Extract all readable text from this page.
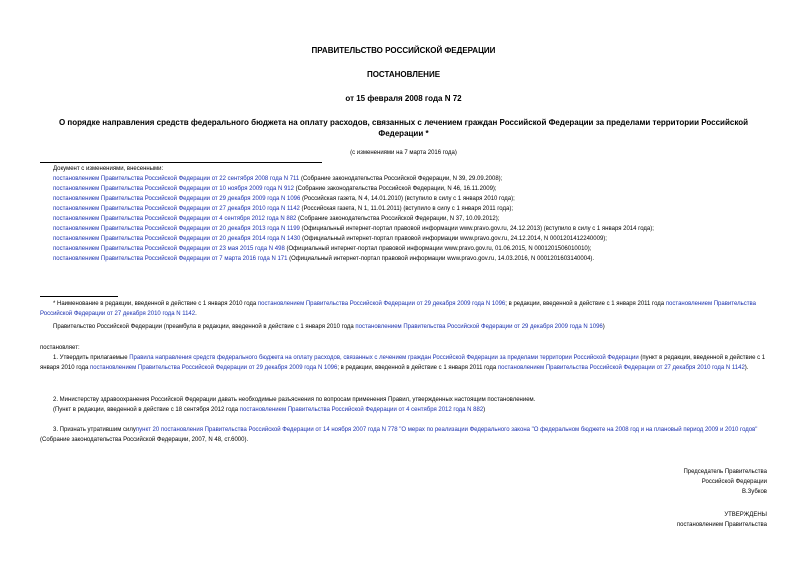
ПРАВИТЕЛЬСТВО РОССИЙСКОЙ ФЕДЕРАЦИИ
ПОСТАНОВЛЕНИЕ
от 15 февраля 2008 года N 72
О порядке направления средств федерального бюджета на оплату расходов, связанных с лечением граждан Российской Федерации за пределами территории Российской Федерации *
(с изменениями на 7 марта 2016 года)
Документ с изменениями, внесенными:
постановлением Правительства Российской Федерации от 22 сентября 2008 года N 711 (Собрание законодательства Российской Федерации, N 39, 29.09.2008);
постановлением Правительства Российской Федерации от 10 ноября 2009 года N 912 (Собрание законодательства Российской Федерации, N 46, 16.11.2009);
постановлением Правительства Российской Федерации от 29 декабря 2009 года N 1096 (Российская газета, N 4, 14.01.2010) (вступило в силу с 1 января 2010 года);
постановлением Правительства Российской Федерации от 27 декабря 2010 года N 1142 (Российская газета, N 1, 11.01.2011) (вступило в силу с 1 января 2011 года);
постановлением Правительства Российской Федерации от 4 сентября 2012 года N 882 (Собрание законодательства Российской Федерации, N 37, 10.09.2012);
постановлением Правительства Российской Федерации от 20 декабря 2013 года N 1199 (Официальный интернет-портал правовой информации www.pravo.gov.ru, 24.12.2013) (вступило в силу с 1 января 2014 года);
постановлением Правительства Российской Федерации от 20 декабря 2014 года N 1430 (Официальный интернет-портал правовой информации www.pravo.gov.ru, 24.12.2014, N 0001201412240009);
постановлением Правительства Российской Федерации от 23 мая 2015 года N 498 (Официальный интернет-портал правовой информации www.pravo.gov.ru, 01.06.2015, N 0001201506010010);
постановлением Правительства Российской Федерации от 7 марта 2016 года N 171 (Официальный интернет-портал правовой информации www.pravo.gov.ru, 14.03.2016, N 0001201603140004).
* Наименование в редакции, введенной в действие с 1 января 2010 года постановлением Правительства Российской Федерации от 29 декабря 2009 года N 1096; в редакции, введенной в действие с 1 января 2011 года постановлением Правительства Российской Федерации от 27 декабря 2010 года N 1142.
Правительство Российской Федерации (преамбула в редакции, введенной в действие с 1 января 2010 года постановлением Правительства Российской Федерации от 29 декабря 2009 года N 1096)
постановляет:
1. Утвердить прилагаемые Правила направления средств федерального бюджета на оплату расходов, связанных с лечением граждан Российской Федерации за пределами территории Российской Федерации (пункт в редакции, введенной в действие с 1 января 2010 года постановлением Правительства Российской Федерации от 29 декабря 2009 года N 1096; в редакции, введенной в действие с 1 января 2011 года постановлением Правительства Российской Федерации от 27 декабря 2010 года N 1142).
2. Министерству здравоохранения Российской Федерации давать необходимые разъяснения по вопросам применения Правил, утвержденных настоящим постановлением.
(Пункт в редакции, введенной в действие с 18 сентября 2012 года постановлением Правительства Российской Федерации от 4 сентября 2012 года N 882)
3. Признать утратившим силупункт 20 постановления Правительства Российской Федерации от 14 ноября 2007 года N 778 "О мерах по реализации Федерального закона "О федеральном бюджете на 2008 год и на плановый период 2009 и 2010 годов" (Собрание законодательства Российской Федерации, 2007, N 48, ст.6000).
Председатель Правительства
Российской Федерации
В.Зубков
УТВЕРЖДЕНЫ
постановлением Правительства
